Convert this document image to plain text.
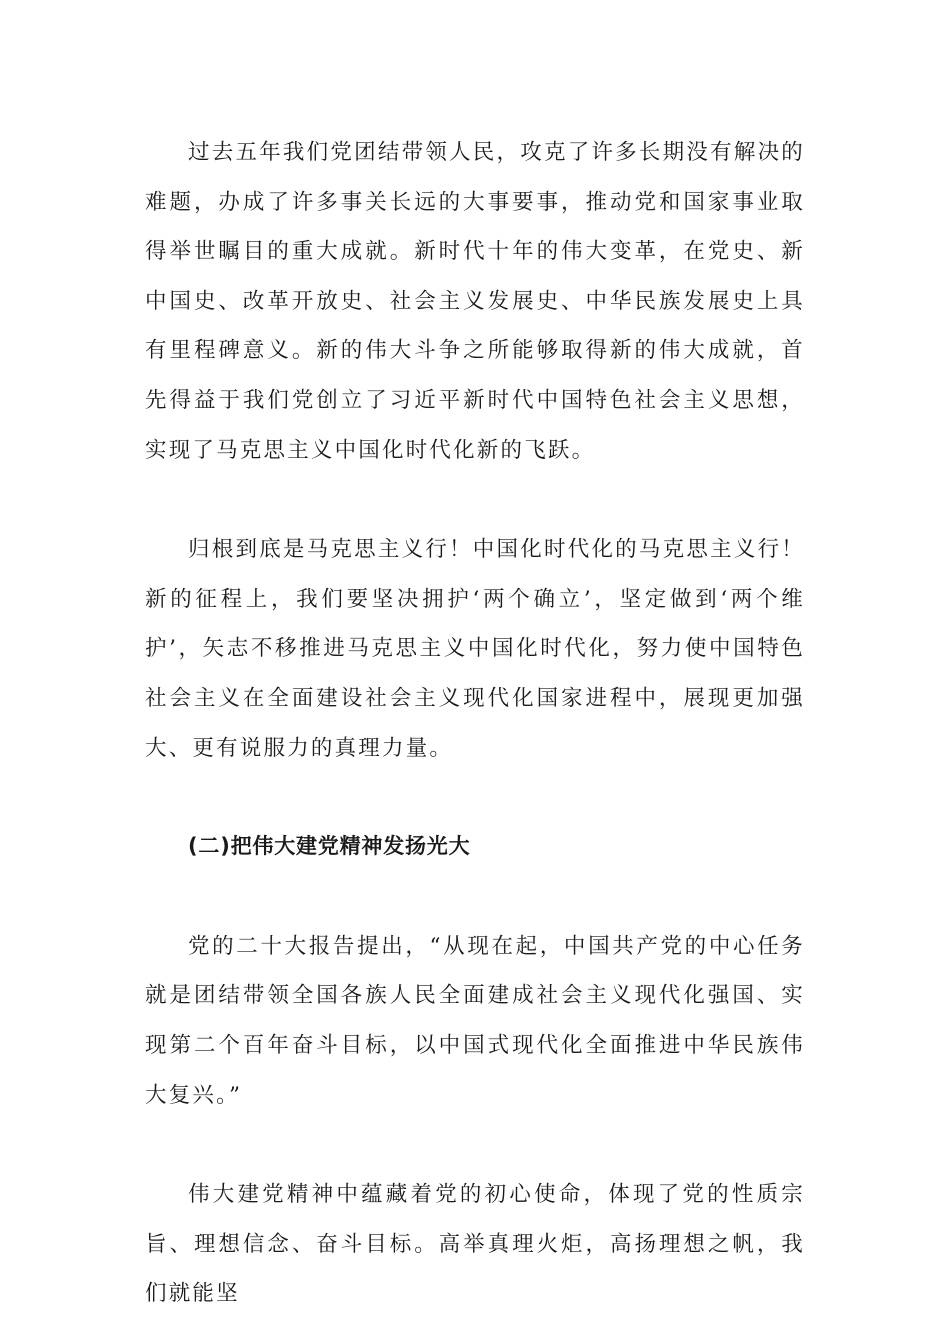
过去五年我们党团结带领人民，攻克了许多长期没有解决的难题，办成了许多事关长远的大事要事，推动党和国家事业取得举世瞩目的重大成就。新时代十年的伟大变革，在党史、新中国史、改革开放史、社会主义发展史、中华民族发展史上具有里程碑意义。新的伟大斗争之所能够取得新的伟大成就，首先得益于我们党创立了习近平新时代中国特色社会主义思想，实现了马克思主义中国化时代化新的飞跃。

归根到底是马克思主义行！中国化时代化的马克思主义行！新的征程上，我们要坚决拥护‘两个确立’，坚定做到‘两个维护’，矢志不移推进马克思主义中国化时代化，努力使中国特色社会主义在全面建设社会主义现代化国家进程中，展现更加强大、更有说服力的真理力量。

(二)把伟大建党精神发扬光大

党的二十大报告提出，“从现在起，中国共产党的中心任务就是团结带领全国各族人民全面建成社会主义现代化强国、实现第二个百年奋斗目标，以中国式现代化全面推进中华民族伟大复兴。”

伟大建党精神中蕴藏着党的初心使命，体现了党的性质宗旨、理想信念、奋斗目标。高举真理火炬，高扬理想之帆，我们就能坚
